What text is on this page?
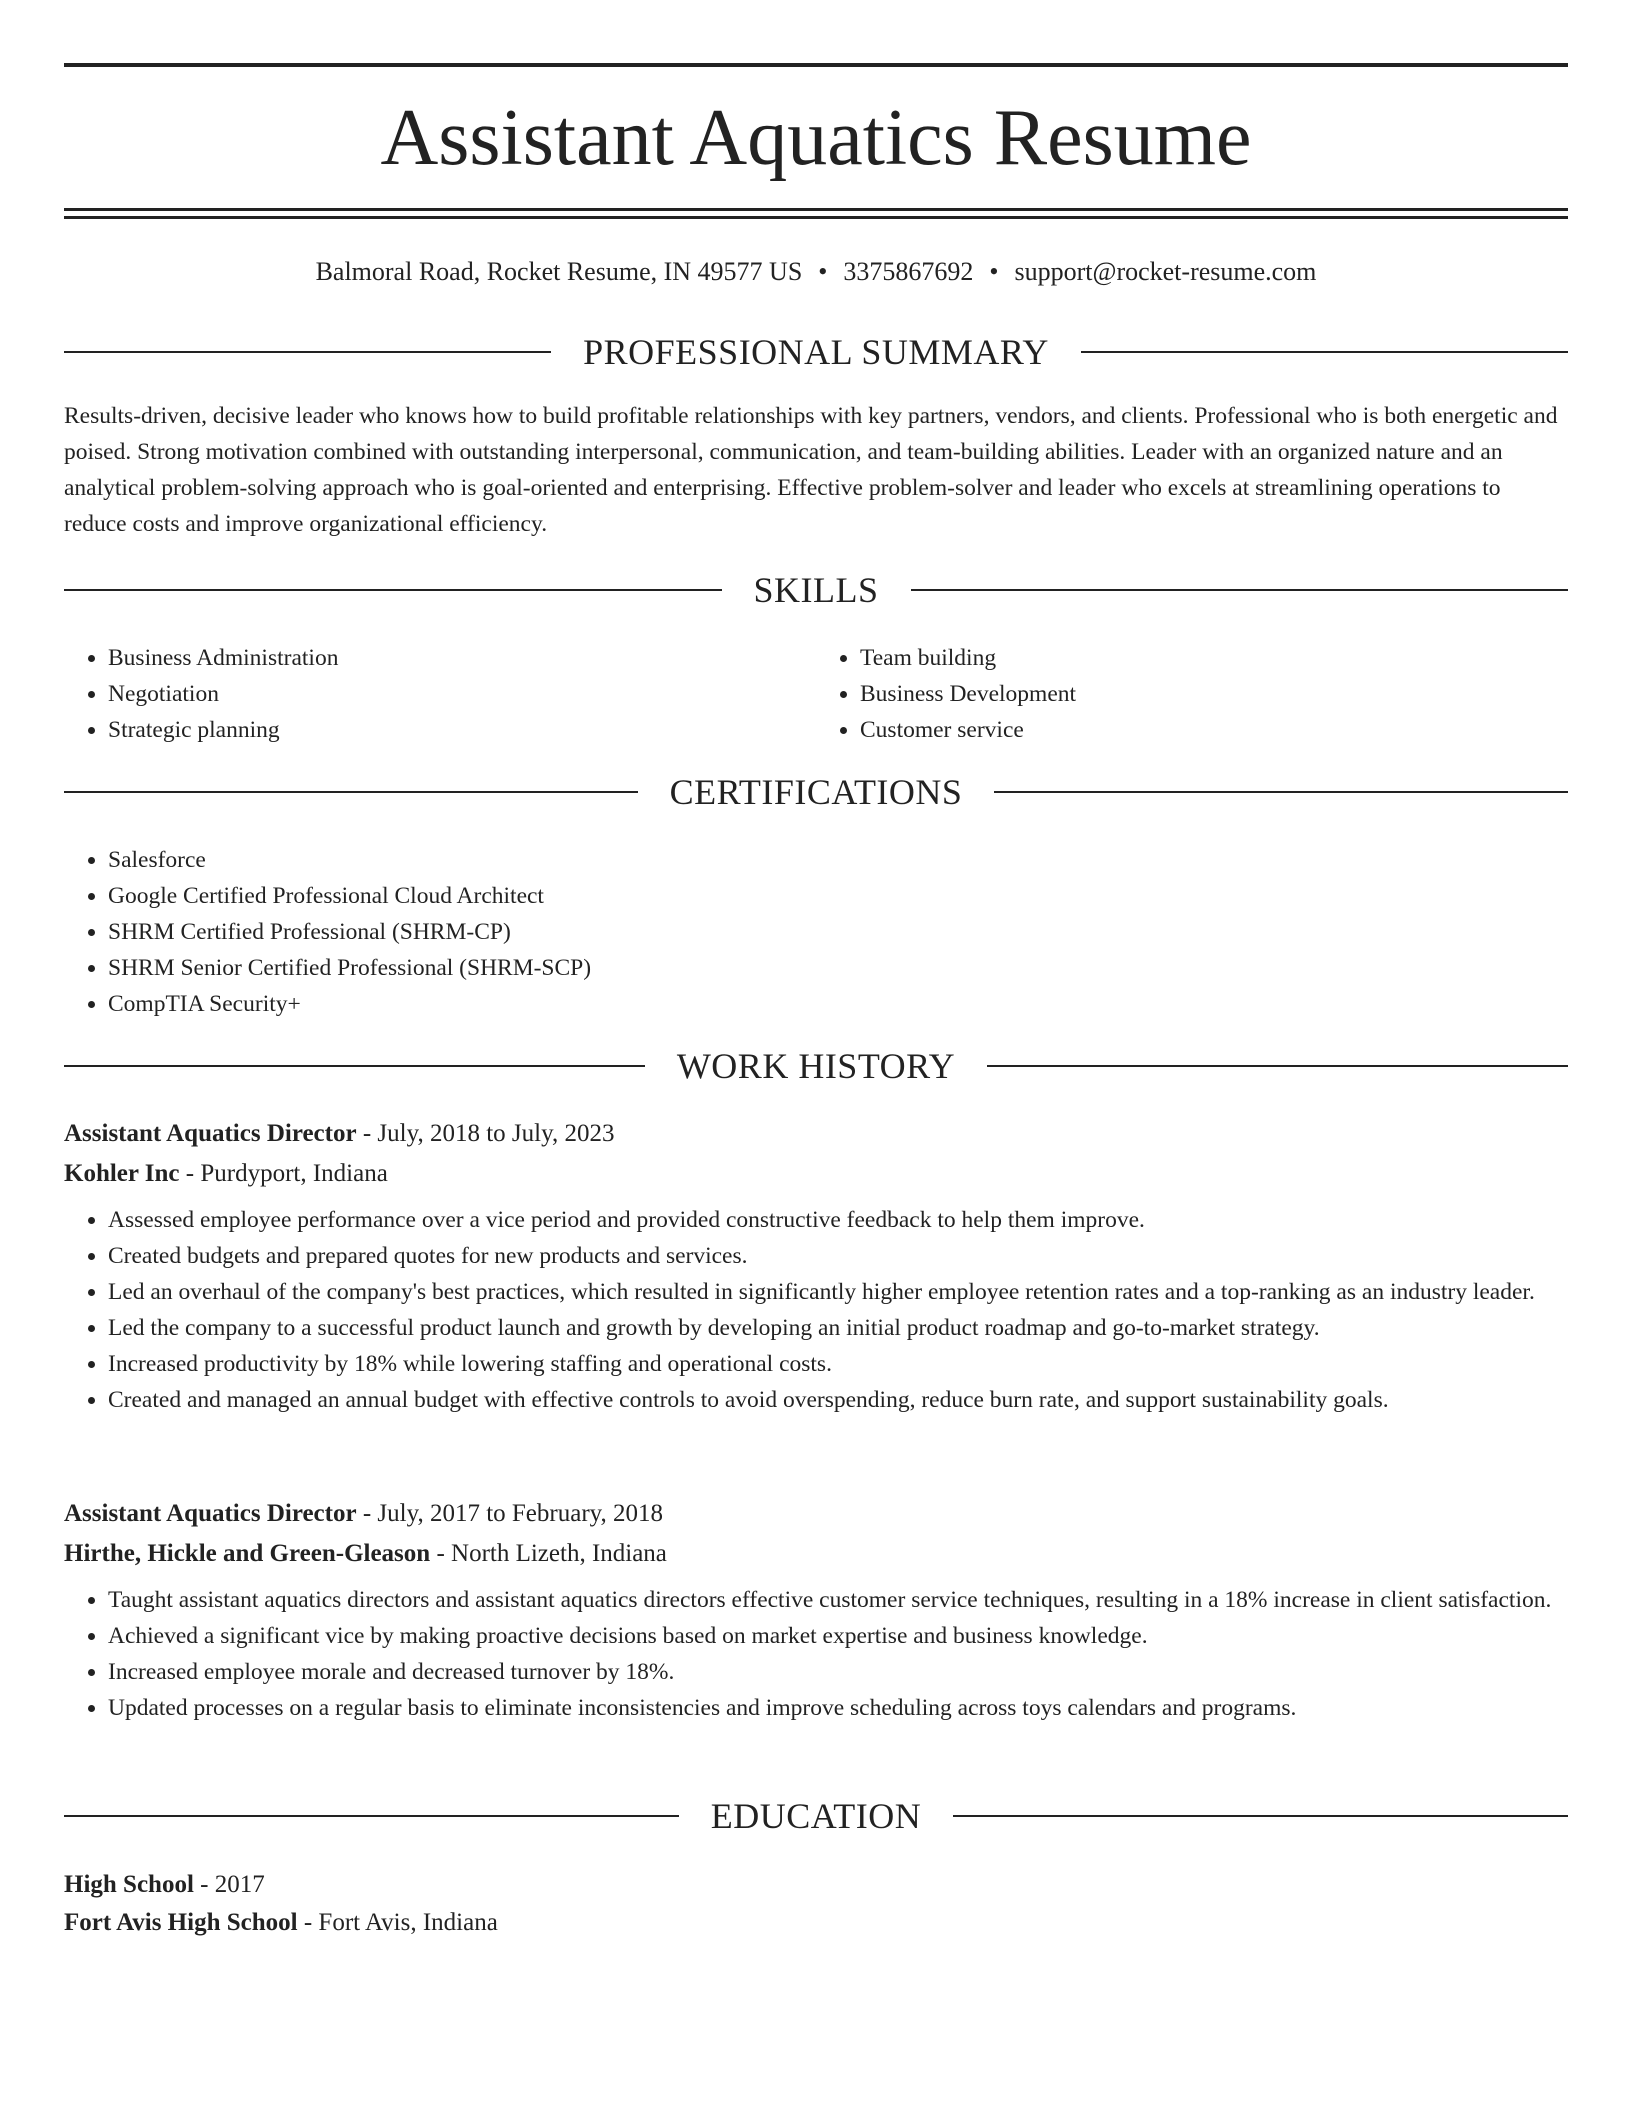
Assistant Aquatics Resume
Balmoral Road, Rocket Resume, IN 49577 US • 3375867692 • support@rocket-resume.com
PROFESSIONAL SUMMARY

Results-driven, decisive leader who knows how to build profitable relationships with key partners, vendors, and clients. Professional who is both energetic and poised. Strong motivation combined with outstanding interpersonal, communication, and team-building abilities. Leader with an organized nature and an analytical problem-solving approach who is goal-oriented and enterprising. Effective problem-solver and leader who excels at streamlining operations to reduce costs and improve organizational efficiency.

SKILLS
• Business Administration
• Negotiation
• Strategic planning
• Team building
• Business Development
• Customer service
CERTIFICATIONS
• Salesforce
• Google Certified Professional Cloud Architect
• SHRM Certified Professional (SHRM-CP)
• SHRM Senior Certified Professional (SHRM-SCP)
• CompTIA Security+
WORK HISTORY
Assistant Aquatics Director - July, 2018 to July, 2023
Kohler Inc - Purdyport, Indiana
• Assessed employee performance over a vice period and provided constructive feedback to help them improve.
• Created budgets and prepared quotes for new products and services.
• Led an overhaul of the company's best practices, which resulted in significantly higher employee retention rates and a top-ranking as an industry leader.
• Led the company to a successful product launch and growth by developing an initial product roadmap and go-to-market strategy.
• Increased productivity by 18% while lowering staffing and operational costs.
• Created and managed an annual budget with effective controls to avoid overspending, reduce burn rate, and support sustainability goals.
Assistant Aquatics Director - July, 2017 to February, 2018
Hirthe, Hickle and Green-Gleason - North Lizeth, Indiana
• Taught assistant aquatics directors and assistant aquatics directors effective customer service techniques, resulting in a 18% increase in client satisfaction.
• Achieved a significant vice by making proactive decisions based on market expertise and business knowledge.
• Increased employee morale and decreased turnover by 18%.
• Updated processes on a regular basis to eliminate inconsistencies and improve scheduling across toys calendars and programs.
EDUCATION
High School - 2017
Fort Avis High School - Fort Avis, Indiana
